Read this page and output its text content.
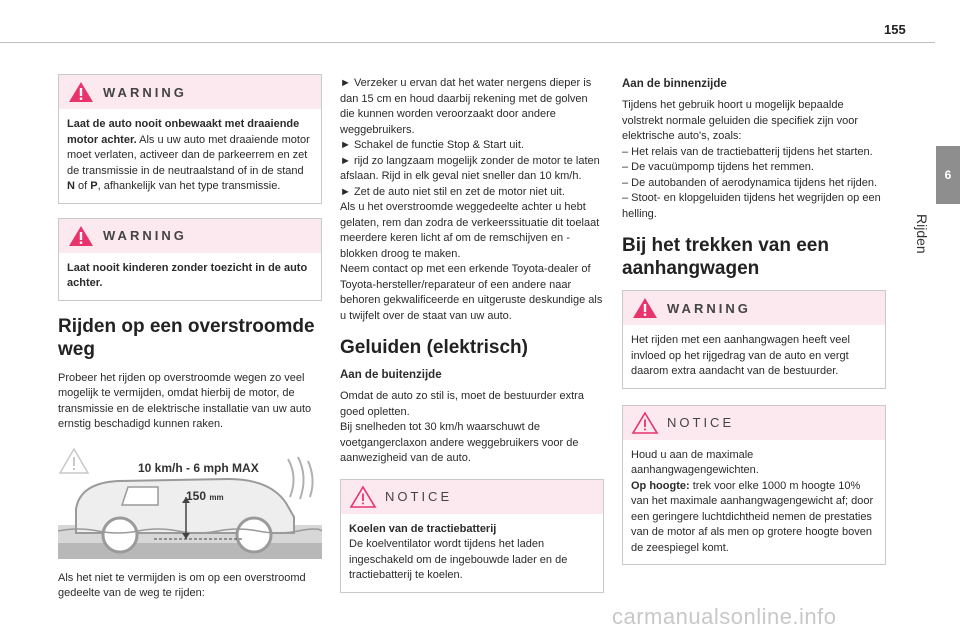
155
6
Rijden
WARNING
Laat de auto nooit onbewaakt met draaiende motor achter. Als u uw auto met draaiende motor moet verlaten, activeer dan de parkeerrem en zet de transmissie in de neutraalstand of in de stand N of P, afhankelijk van het type transmissie.
WARNING
Laat nooit kinderen zonder toezicht in de auto achter.
Rijden op een overstroomde weg

Probeer het rijden op overstroomde wegen zo veel mogelijk te vermijden, omdat hierbij de motor, de transmissie en de elektrische installatie van uw auto ernstig beschadigd kunnen raken.

10 km/h - 6 mph MAX
150 mm

Als het niet te vermijden is om op een overstroomd gedeelte van de weg te rijden:

► Verzeker u ervan dat het water nergens dieper is dan 15 cm en houd daarbij rekening met de golven die kunnen worden veroorzaakt door andere weggebruikers.
► Schakel de functie Stop & Start uit.
► rijd zo langzaam mogelijk zonder de motor te laten afslaan. Rijd in elk geval niet sneller dan 10 km/h.
► Zet de auto niet stil en zet de motor niet uit.
Als u het overstroomde weggedeelte achter u hebt gelaten, rem dan zodra de verkeerssituatie dit toelaat meerdere keren licht af om de remschijven en -blokken droog te maken.
Neem contact op met een erkende Toyota-dealer of Toyota-hersteller/reparateur of een andere naar behoren gekwalificeerde en uitgeruste deskundige als u twijfelt over de staat van uw auto.

Geluiden (elektrisch)
Aan de buitenzijde

Omdat de auto zo stil is, moet de bestuurder extra goed opletten.
Bij snelheden tot 30 km/h waarschuwt de voetgangerclaxon andere weggebruikers voor de aanwezigheid van de auto.

NOTICE
Koelen van de tractiebatterij
De koelventilator wordt tijdens het laden ingeschakeld om de ingebouwde lader en de tractiebatterij te koelen.
Aan de binnenzijde

Tijdens het gebruik hoort u mogelijk bepaalde volstrekt normale geluiden die specifiek zijn voor elektrische auto's, zoals:

– Het relais van de tractiebatterij tijdens het starten.
– De vacuümpomp tijdens het remmen.
– De autobanden of aerodynamica tijdens het rijden.
– Stoot- en klopgeluiden tijdens het wegrijden op een helling.

Bij het trekken van een aanhangwagen
WARNING
Het rijden met een aanhangwagen heeft veel invloed op het rijgedrag van de auto en vergt daarom extra aandacht van de bestuurder.
NOTICE
Houd u aan de maximale aanhangwagengewichten.
Op hoogte: trek voor elke 1000 m hoogte 10% van het maximale aanhangwagengewicht af; door een geringere luchtdichtheid nemen de prestaties van de motor af als men op grotere hoogte boven de zeespiegel komt.
carmanualsonline.info
